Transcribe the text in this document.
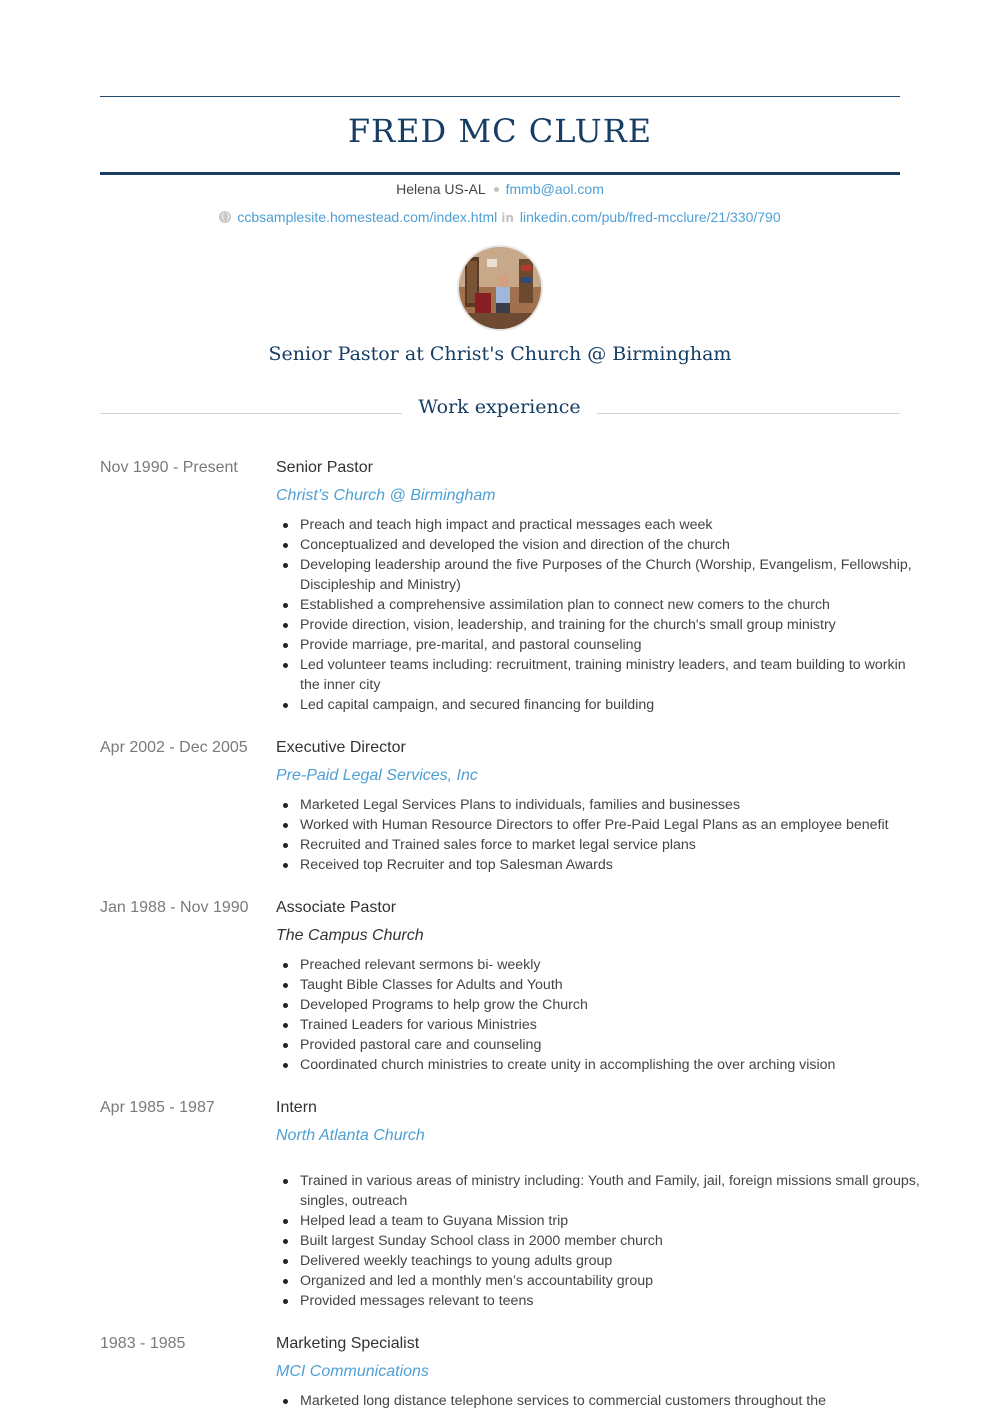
FRED MC CLURE
Helena US-AL fmmb@aol.com
ccbsamplesite.homestead.com/index.html in linkedin.com/pub/fred-mcclure/21/330/790
Senior Pastor at Christ's Church @ Birmingham
Work experience
Nov 1990 - Present	Senior Pastor
Christ’s Church @ Birmingham
Preach and teach high impact and practical messages each week
Conceptualized and developed the vision and direction of the church
Developing leadership around the five Purposes of the Church (Worship, Evangelism, Fellowship, Discipleship and Ministry)
Established a comprehensive assimilation plan to connect new comers to the church
Provide direction, vision, leadership, and training for the church's small group ministry
Provide marriage, pre-marital, and pastoral counseling
Led volunteer teams including: recruitment, training ministry leaders, and team building to workin the inner city
Led capital campaign, and secured financing for building
Apr 2002 - Dec 2005	Executive Director
Pre-Paid Legal Services, Inc
Marketed Legal Services Plans to individuals, families and businesses
Worked with Human Resource Directors to offer Pre-Paid Legal Plans as an employee benefit
Recruited and Trained sales force to market legal service plans
Received top Recruiter and top Salesman Awards
Jan 1988 - Nov 1990	Associate Pastor
The Campus Church
Preached relevant sermons bi- weekly
Taught Bible Classes for Adults and Youth
Developed Programs to help grow the Church
Trained Leaders for various Ministries
Provided pastoral care and counseling
Coordinated church ministries to create unity in accomplishing the over arching vision
Apr 1985 - 1987	Intern
North Atlanta Church
Trained in various areas of ministry including: Youth and Family, jail, foreign missions small groups, singles, outreach
Helped lead a team to Guyana Mission trip
Built largest Sunday School class in 2000 member church
Delivered weekly teachings to young adults group
Organized and led a monthly men’s accountability group
Provided messages relevant to teens
1983 - 1985	Marketing Specialist
MCI Communications
Marketed long distance telephone services to commercial customers throughout the
